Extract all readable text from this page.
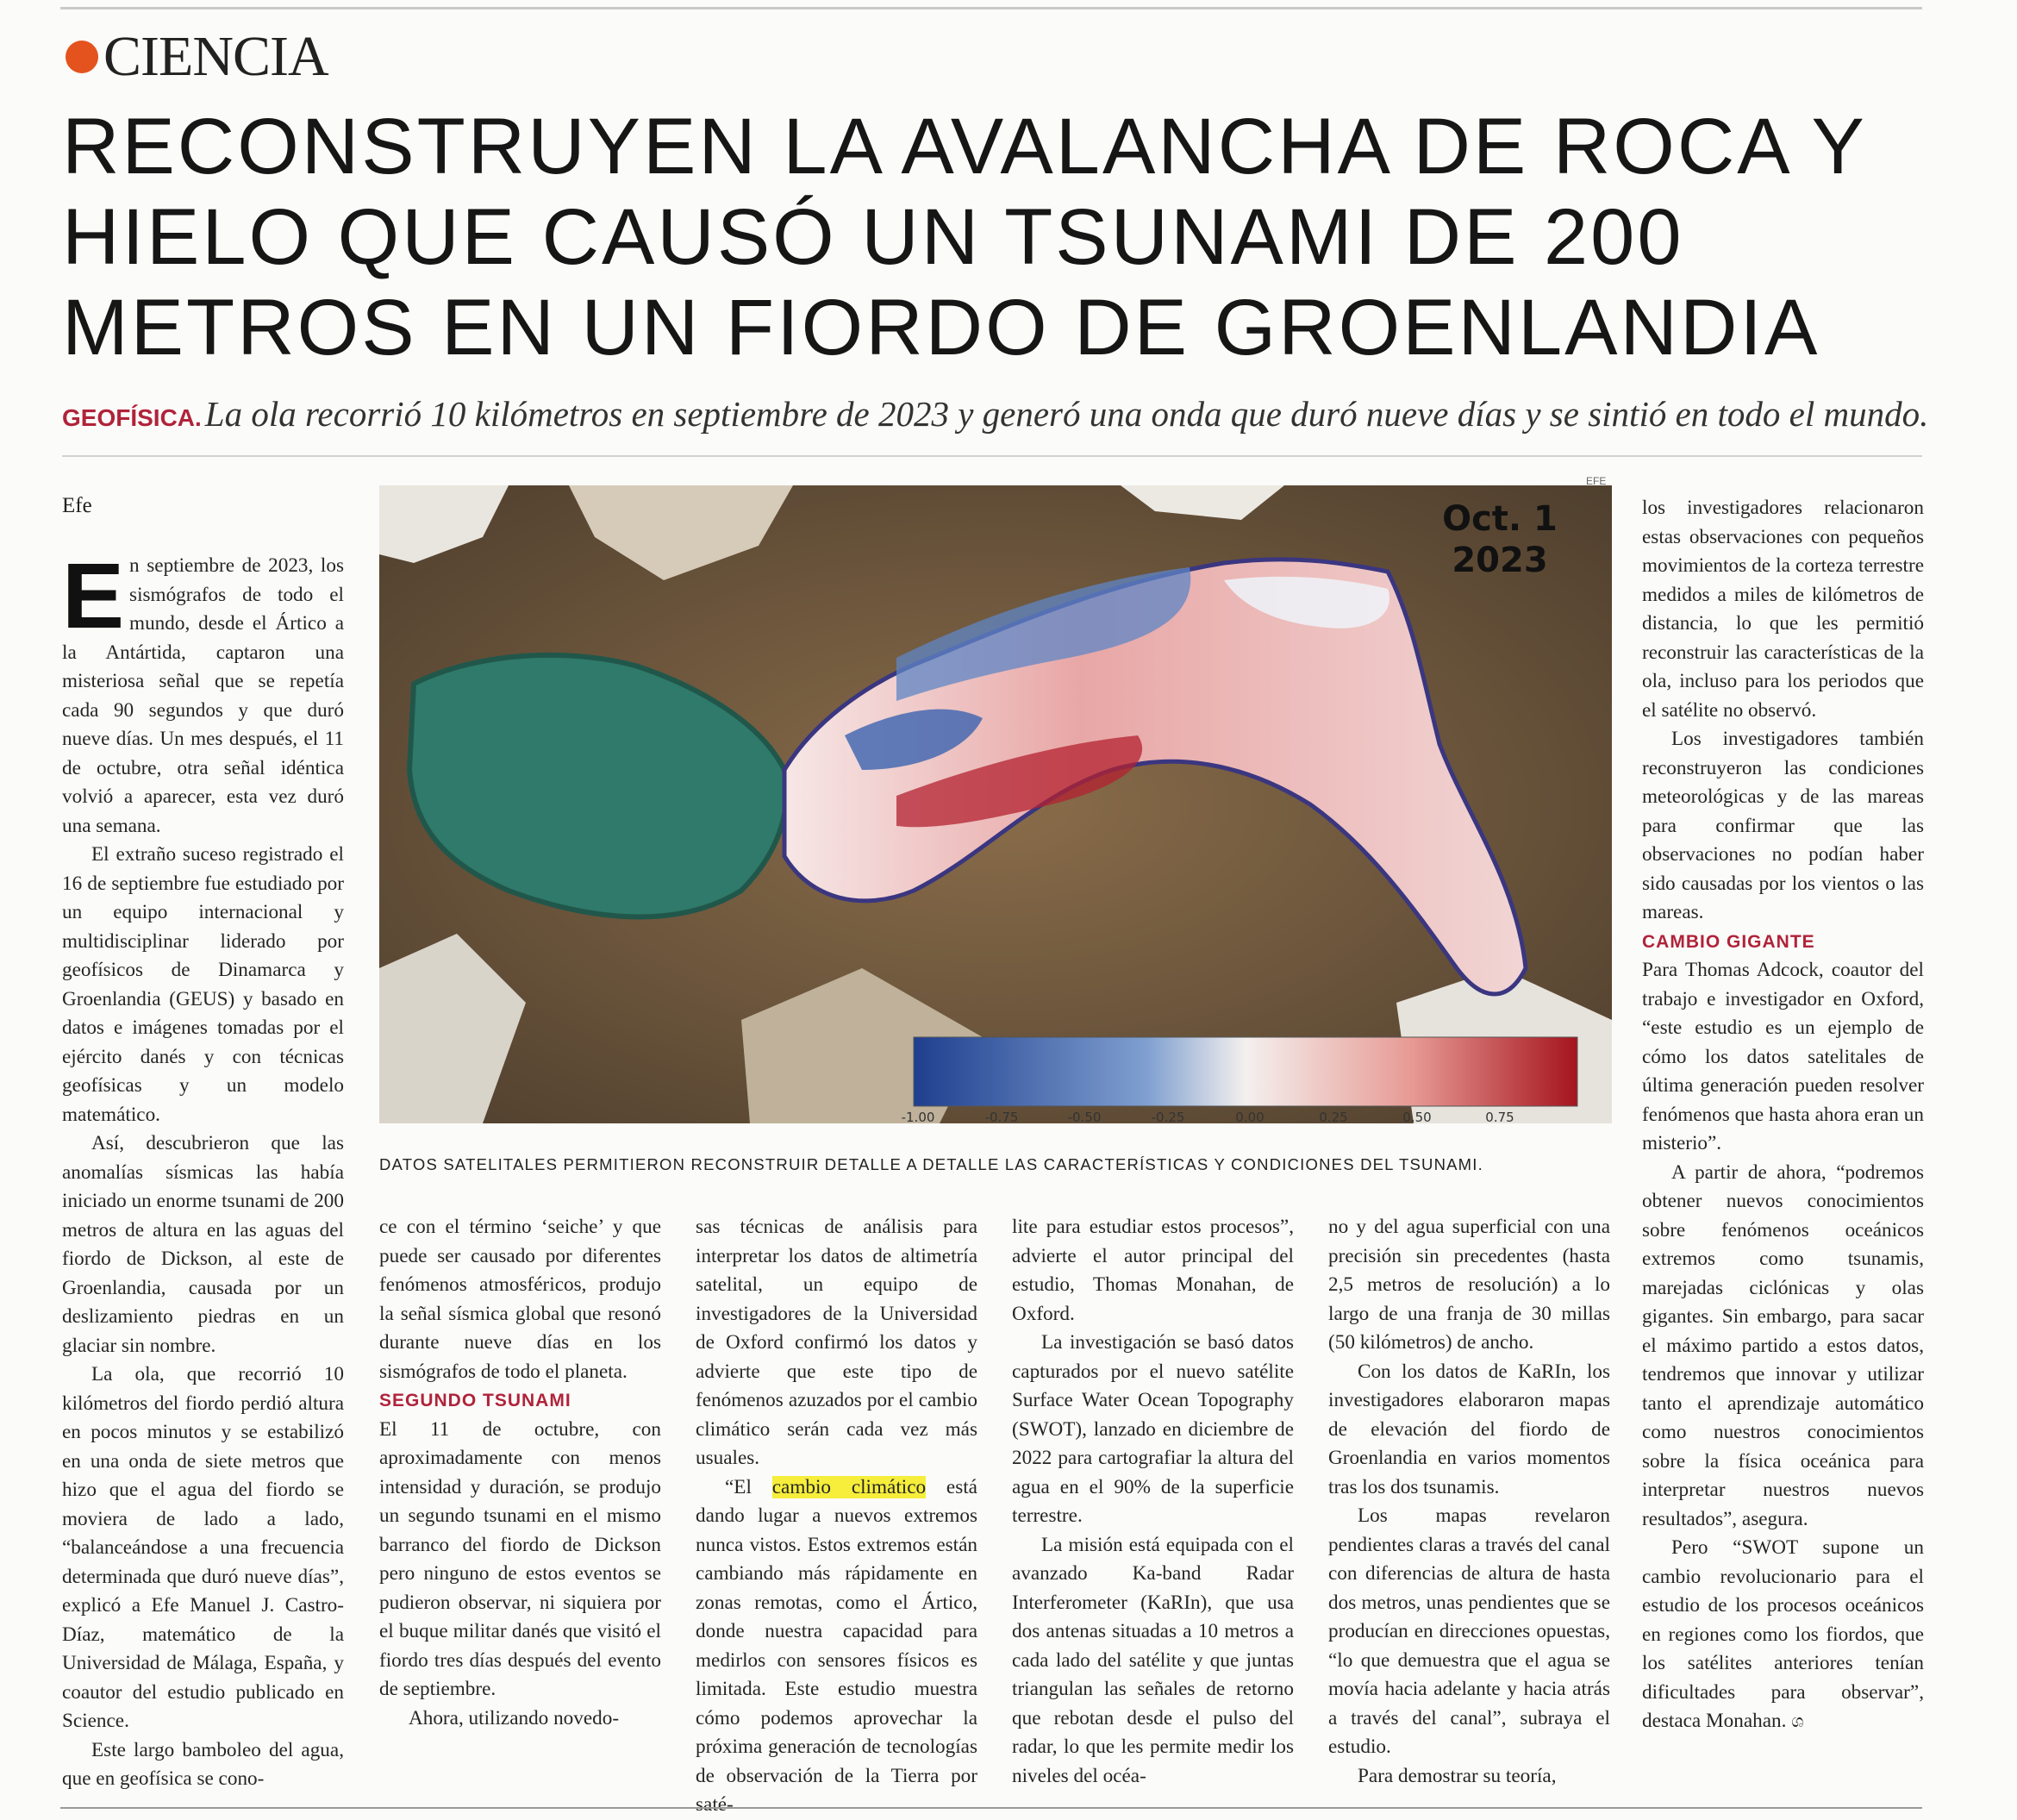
CIENCIA
RECONSTRUYEN LA AVALANCHA DE ROCA Y
HIELO QUE CAUSÓ UN TSUNAMI DE 200
METROS EN UN FIORDO DE GROENLANDIA
GEOFÍSICA. La ola recorrió 10 kilómetros en septiembre de 2023 y generó una onda que duró nueve días y se sintió en todo el mundo.
Efe

En septiembre de 2023, los sismógrafos de todo el mundo, desde el Ártico a la Antártida, captaron una misteriosa señal que se repetía cada 90 segundos y que duró nueve días. Un mes después, el 11 de octubre, otra señal idéntica volvió a aparecer, esta vez duró una semana.

El extraño suceso registrado el 16 de septiembre fue estudiado por un equipo internacional y multidisciplinar liderado por geofísicos de Dinamarca y Groenlandia (GEUS) y basado en datos e imágenes tomadas por el ejército danés y con técnicas geofísicas y un modelo matemático.

Así, descubrieron que las anomalías sísmicas las había iniciado un enorme tsunami de 200 metros de altura en las aguas del fiordo de Dickson, al este de Groenlandia, causada por un deslizamiento piedras en un glaciar sin nombre.

La ola, que recorrió 10 kilómetros del fiordo perdió altura en pocos minutos y se estabilizó en una onda de siete metros que hizo que el agua del fiordo se moviera de lado a lado, “balanceándose a una frecuencia determinada que duró nueve días”, explicó a Efe Manuel J. Castro-Díaz, matemático de la Universidad de Málaga, España, y coautor del estudio publicado en Science.

Este largo bamboleo del agua, que en geofísica se cono-

Oct. 1
2023
-1.00	-0.75	-0.50	-0.25	0.00	0.25	0.50	0.75
EFE
DATOS SATELITALES PERMITIERON RECONSTRUIR DETALLE A DETALLE LAS CARACTERÍSTICAS Y CONDICIONES DEL TSUNAMI.

ce con el término ‘seiche’ y que puede ser causado por diferentes fenómenos atmosféricos, produjo la señal sísmica global que resonó durante nueve días en los sismógrafos de todo el planeta.

SEGUNDO TSUNAMI

El 11 de octubre, con aproximadamente con menos intensidad y duración, se produjo un segundo tsunami en el mismo barranco del fiordo de Dickson pero ninguno de estos eventos se pudieron observar, ni siquiera por el buque militar danés que visitó el fiordo tres días después del evento de septiembre.

Ahora, utilizando novedo-

sas técnicas de análisis para interpretar los datos de altimetría satelital, un equipo de investigadores de la Universidad de Oxford confirmó los datos y advierte que este tipo de fenómenos azuzados por el cambio climático serán cada vez más usuales.

“El cambio climático está dando lugar a nuevos extremos nunca vistos. Estos extremos están cambiando más rápidamente en zonas remotas, como el Ártico, donde nuestra capacidad para medirlos con sensores físicos es limitada. Este estudio muestra cómo podemos aprovechar la próxima generación de tecnologías de observación de la Tierra por saté-

lite para estudiar estos procesos”, advierte el autor principal del estudio, Thomas Monahan, de Oxford.

La investigación se basó datos capturados por el nuevo satélite Surface Water Ocean Topography (SWOT), lanzado en diciembre de 2022 para cartografiar la altura del agua en el 90% de la superficie terrestre.

La misión está equipada con el avanzado Ka-band Radar Interferometer (KaRIn), que usa dos antenas situadas a 10 metros a cada lado del satélite y que juntas triangulan las señales de retorno que rebotan desde el pulso del radar, lo que les permite medir los niveles del océa-

no y del agua superficial con una precisión sin precedentes (hasta 2,5 metros de resolución) a lo largo de una franja de 30 millas (50 kilómetros) de ancho.

Con los datos de KaRIn, los investigadores elaboraron mapas de elevación del fiordo de Groenlandia en varios momentos tras los dos tsunamis.

Los mapas revelaron pendientes claras a través del canal con diferencias de altura de hasta dos metros, unas pendientes que se producían en direcciones opuestas, “lo que demuestra que el agua se movía hacia adelante y hacia atrás a través del canal”, subraya el estudio.

Para demostrar su teoría,

los investigadores relacionaron estas observaciones con pequeños movimientos de la corteza terrestre medidos a miles de kilómetros de distancia, lo que les permitió reconstruir las características de la ola, incluso para los periodos que el satélite no observó.

Los investigadores también reconstruyeron las condiciones meteorológicas y de las mareas para confirmar que las observaciones no podían haber sido causadas por los vientos o las mareas.

CAMBIO GIGANTE

Para Thomas Adcock, coautor del trabajo e investigador en Oxford, “este estudio es un ejemplo de cómo los datos satelitales de última generación pueden resolver fenómenos que hasta ahora eran un misterio”.

A partir de ahora, “podremos obtener nuevos conocimientos sobre fenómenos oceánicos extremos como tsunamis, marejadas ciclónicas y olas gigantes. Sin embargo, para sacar el máximo partido a estos datos, tendremos que innovar y utilizar tanto el aprendizaje automático como nuestros conocimientos sobre la física oceánica para interpretar nuestros nuevos resultados”, asegura.

Pero “SWOT supone un cambio revolucionario para el estudio de los procesos oceánicos en regiones como los fiordos, que los satélites anteriores tenían dificultades para observar”, destaca Monahan. ශ
